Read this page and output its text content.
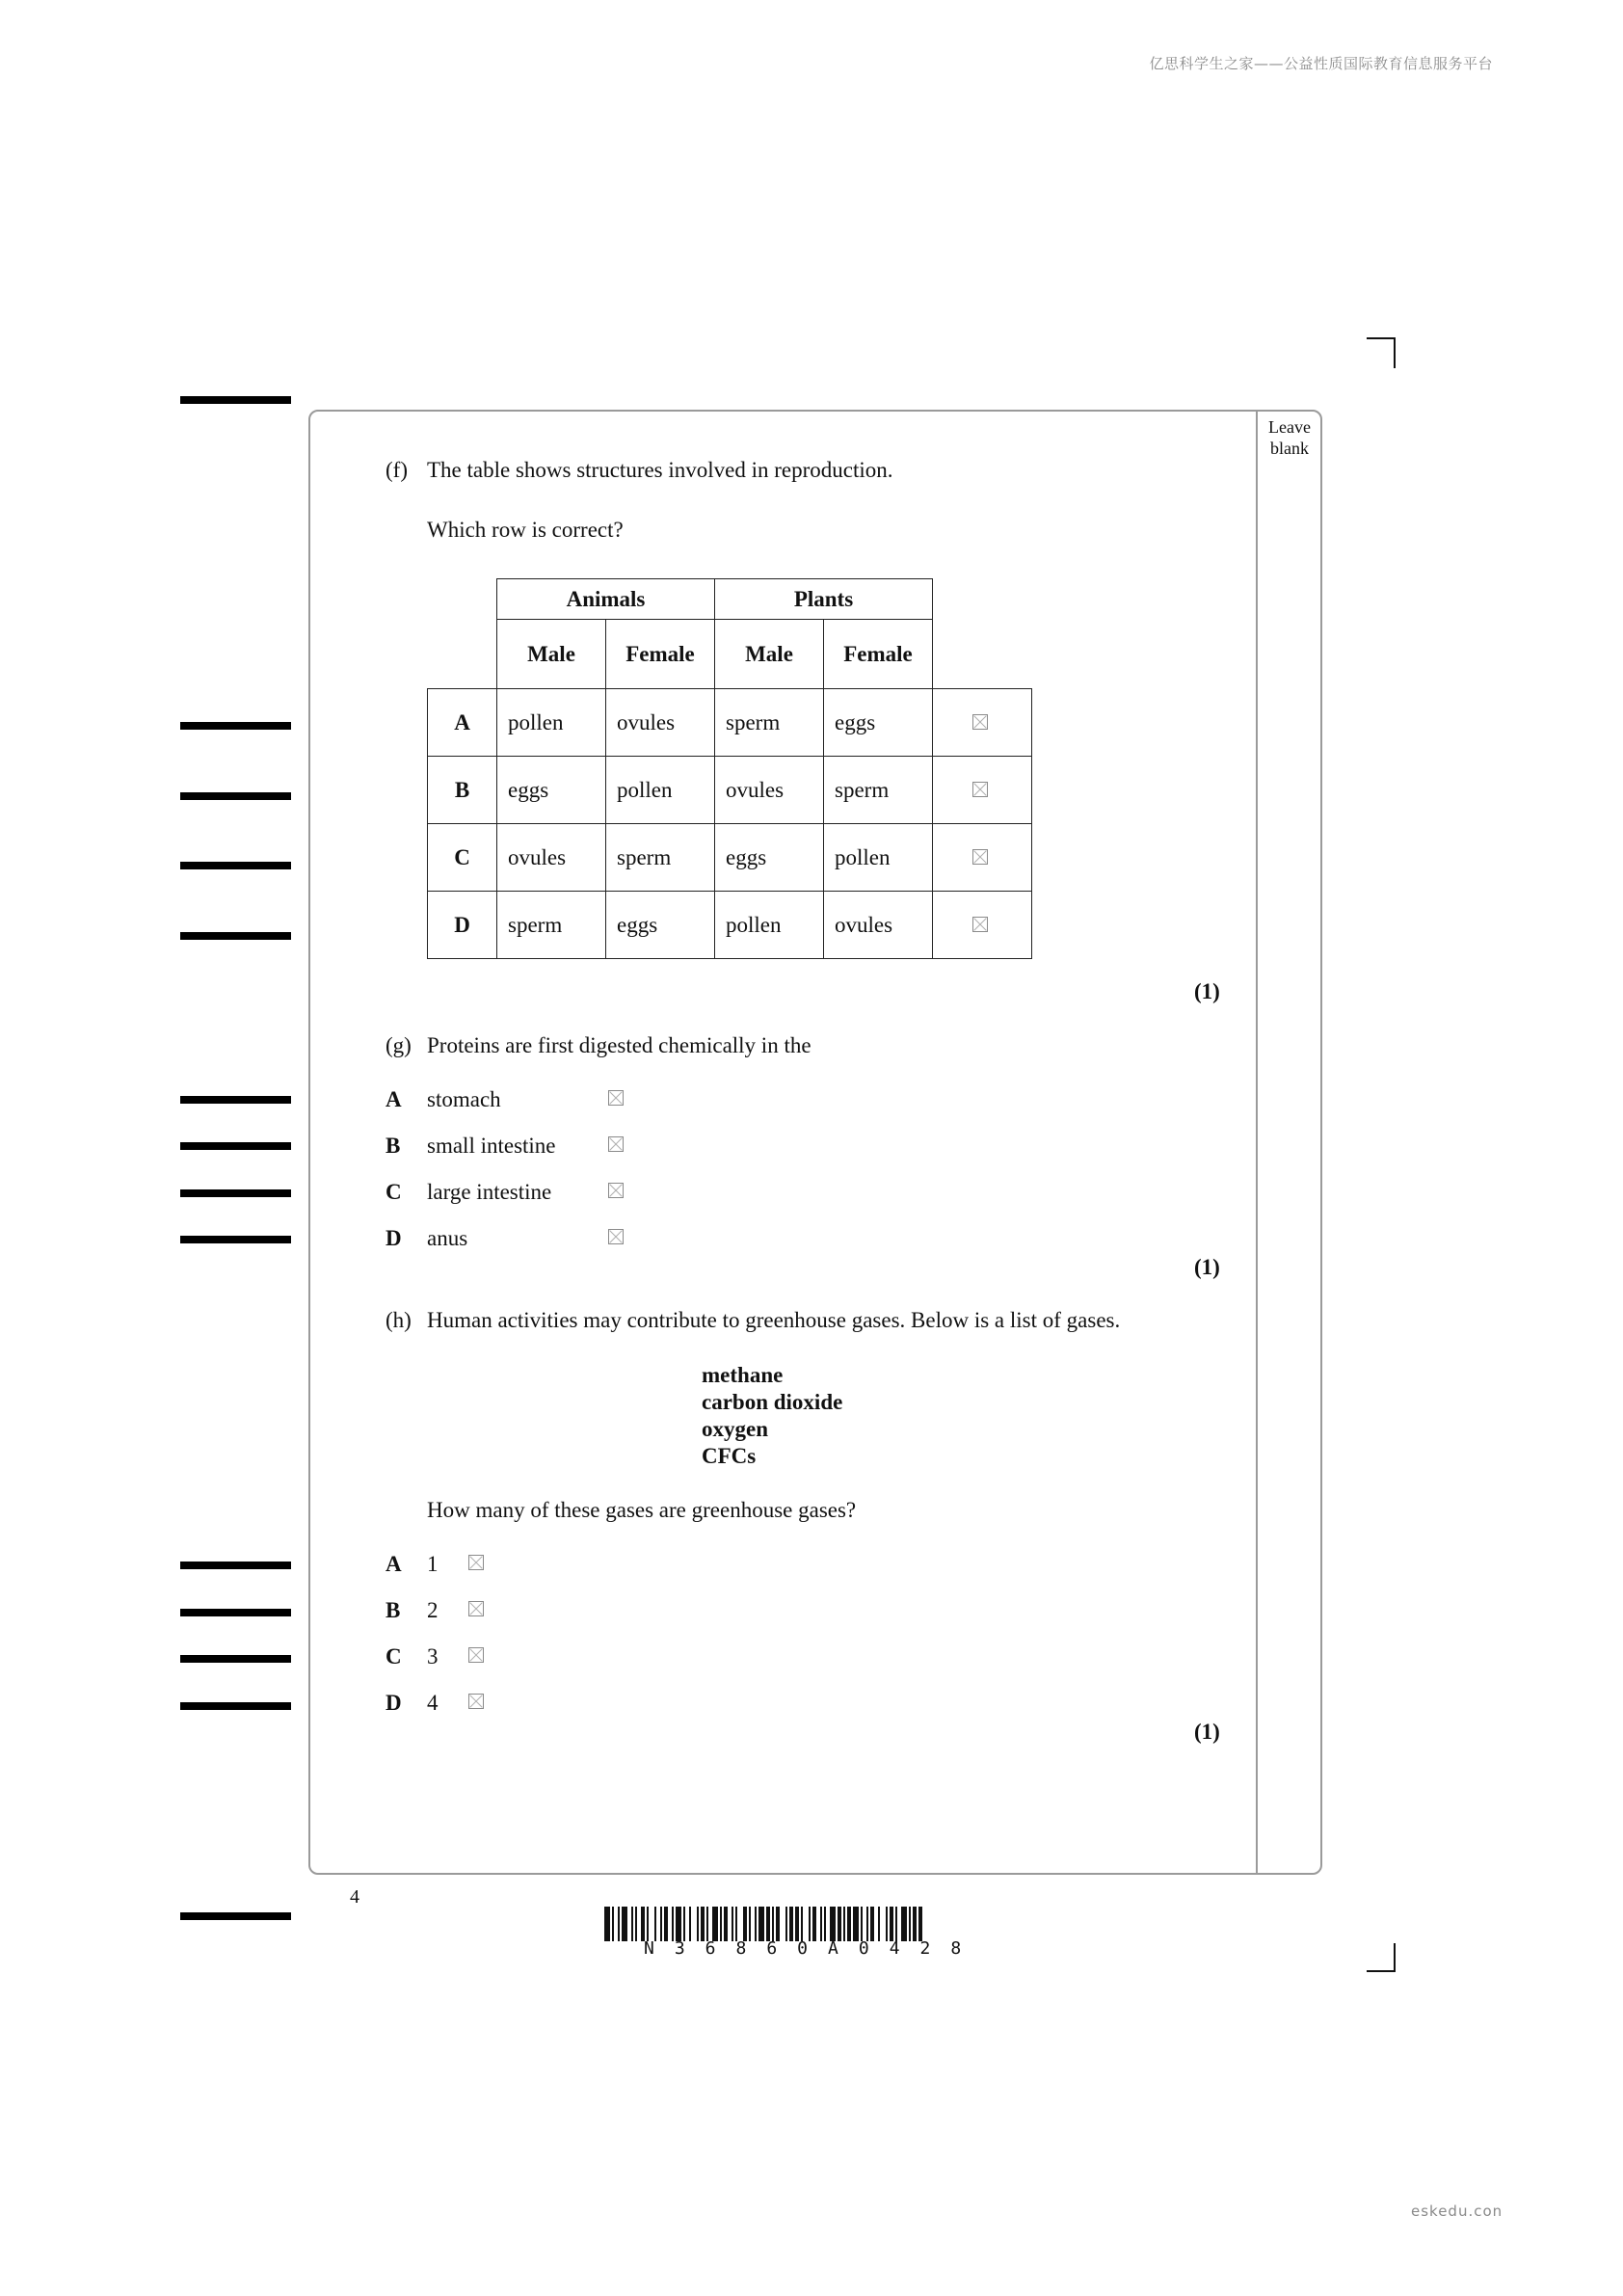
亿思科学生之家——公益性质国际教育信息服务平台
eskedu.con
Leave
blank
(f) The table shows structures involved in reproduction.
Which row is correct?
	Animals		Plants		
	Male	Female	Male	Female	
A	pollen	ovules	sperm	eggs	

B	eggs	pollen	ovules	sperm	

C	ovules	sperm	eggs	pollen	

D	sperm	eggs	pollen	ovules	
(1)
(g) Proteins are first digested chemically in the
A stomach
B small intestine
C large intestine
D anus
(1)
(h) Human activities may contribute to greenhouse gases. Below is a list of gases.
methane
carbon dioxide
oxygen
CFCs
How many of these gases are greenhouse gases?
A 1
B 2
C 3
D 4
(1)
4
N36860A0428
